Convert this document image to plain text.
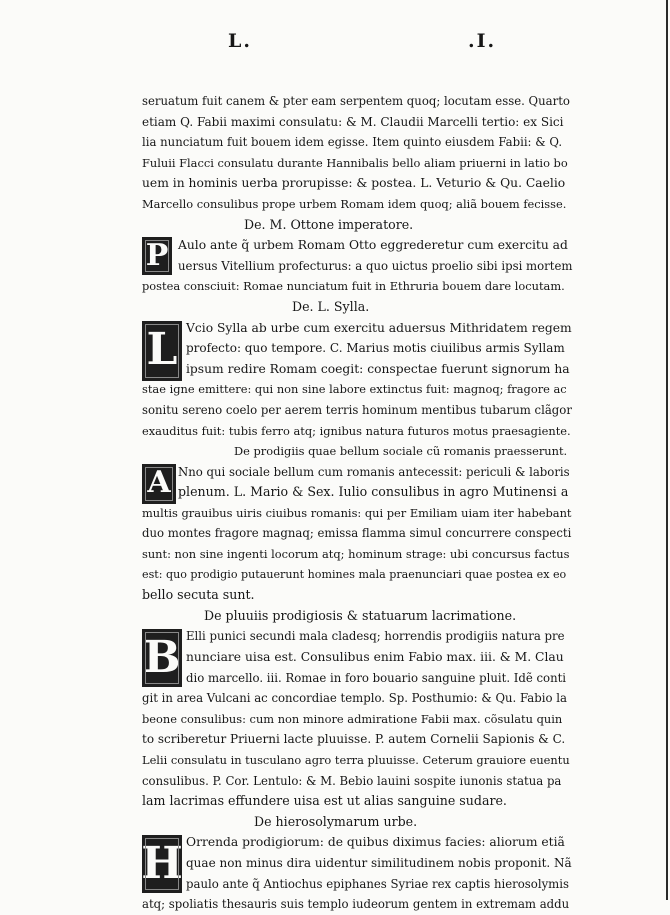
L.	.I.
seruatum fuit canem & pter eam serpentem quoq; locutam esse. Quarto
etiam Q. Fabii maximi consulatu: & M. Claudii Marcelli tertio: ex Sici
lia nunciatum fuit bouem idem egisse. Item quinto eiusdem Fabii: & Q.
Fuluii Flacci consulatu durante Hannibalis bello aliam priuerni in latio bo
uem in hominis uerba prorupisse: & postea. L. Veturio & Qu. Caelio
Marcello consulibus prope urbem Romam idem quoq; aliã bouem fecisse.
De. M. Ottone imperatore.
P Aulo ante q̃ urbem Romam Otto eggrederetur cum exercitu ad
uersus Vitellium profecturus: a quo uictus proelio sibi ipsi mortem
postea consciuit: Romae nunciatum fuit in Ethruria bouem dare locutam.
De. L. Sylla.
L Vcio Sylla ab urbe cum exercitu aduersus Mithridatem regem
profecto: quo tempore. C. Marius motis ciuilibus armis Syllam
ipsum redire Romam coegit: conspectae fuerunt signorum ha
stae igne emittere: qui non sine labore extinctus fuit: magnoq; fragore ac
sonitu sereno coelo per aerem terris hominum mentibus tubarum clãgor
exauditus fuit: tubis ferro atq; ignibus natura futuros motus praesagiente.
De prodigiis quae bellum sociale cũ romanis praesserunt.
A Nno qui sociale bellum cum romanis antecessit: periculi & laboris
plenum. L. Mario & Sex. Iulio consulibus in agro Mutinensi a
multis grauibus uiris ciuibus romanis: qui per Emiliam uiam iter habebant
duo montes fragore magnaq; emissa flamma simul concurrere conspecti
sunt: non sine ingenti locorum atq; hominum strage: ubi concursus factus
est: quo prodigio putauerunt homines mala praenunciari quae postea ex eo
bello secuta sunt.
De pluuiis prodigiosis & statuarum lacrimatione.
B Elli punici secundi mala cladesq; horrendis prodigiis natura pre
nunciare uisa est. Consulibus enim Fabio max. iii. & M. Clau
dio marcello. iii. Romae in foro bouario sanguine pluit. Idẽ conti
git in area Vulcani ac concordiae templo. Sp. Posthumio: & Qu. Fabio la
beone consulibus: cum non minore admiratione Fabii max. cõsulatu quin
to scriberetur Priuerni lacte pluuisse. P. autem Cornelii Sapionis & C.
Lelii consulatu in tusculano agro terra pluuisse. Ceterum grauiore euentu
consulibus. P. Cor. Lentulo: & M. Bebio lauini sospite iunonis statua pa
lam lacrimas effundere uisa est ut alias sanguine sudare.
De hierosolymarum urbe.
H Orrenda prodigiorum: de quibus diximus facies: aliorum etiã
quae non minus dira uidentur similitudinem nobis proponit. Nã
paulo ante q̃ Antiochus epiphanes Syriae rex captis hierosolymis
atq; spoliatis thesauris suis templo iudeorum gentem in extremam addu
